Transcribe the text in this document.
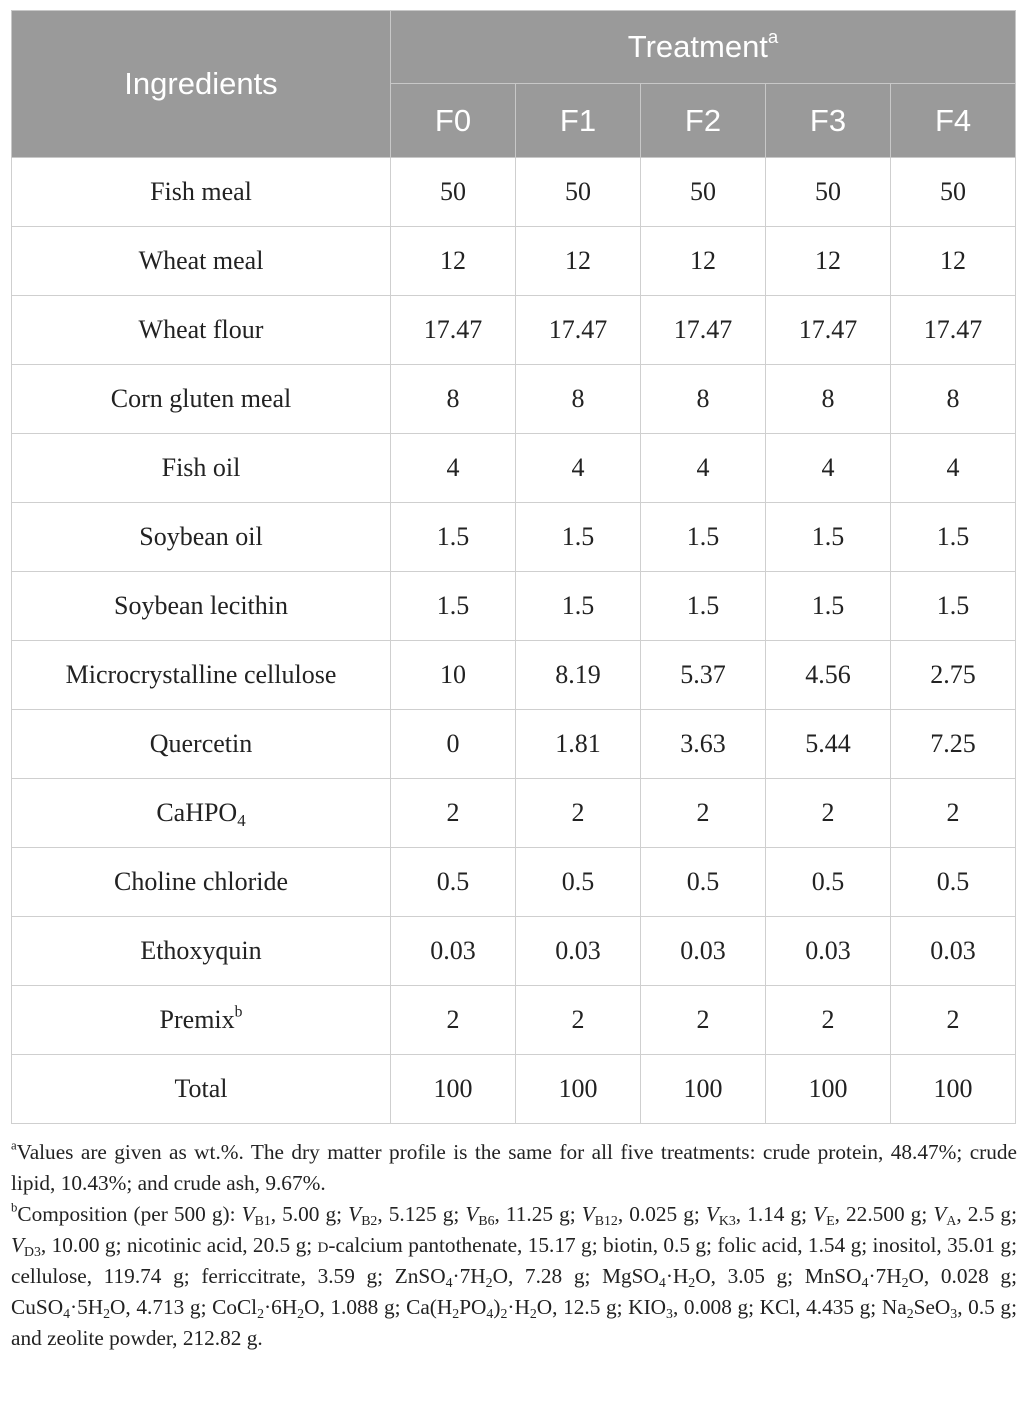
Ingredients	Treatment$^a$
	F0	F1	F2	F3	F4
Fish meal	50	50	50	50	50
Wheat meal	12	12	12	12	12
Wheat flour	17.47	17.47	17.47	17.47	17.47
Corn gluten meal	8	8	8	8	8
Fish oil	4	4	4	4	4
Soybean oil	1.5	1.5	1.5	1.5	1.5
Soybean lecithin	1.5	1.5	1.5	1.5	1.5
Microcrystalline cellulose	10	8.19	5.37	4.56	2.75
Quercetin	0	1.81	3.63	5.44	7.25
CaHPO$_4$	2	2	2	2	2
Choline chloride	0.5	0.5	0.5	0.5	0.5
Ethoxyquin	0.03	0.03	0.03	0.03	0.03
Premix$^b$	2	2	2	2	2
Total	100	100	100	100	100

$^a$Values are given as wt.%. The dry matter profile is the same for all five treatments: crude protein, 48.47%; crude lipid, 10.43%; and crude ash, 9.67%.

$^b$Composition (per 500 g): $V_{B1}$, 5.00 g; $V_{B2}$, 5.125 g; $V_{B6}$, 11.25 g; $V_{B12}$, 0.025 g; $V_{K3}$, 1.14 g; $V_E$, 22.500 g; $V_A$, 2.5 g; $V_{D3}$, 10.00 g; nicotinic acid, 20.5 g; d-calcium pantothenate, 15.17 g; biotin, 0.5 g; folic acid, 1.54 g; inositol, 35.01 g; cellulose, 119.74 g; ferriccitrate, 3.59 g; $ZnSO_4\cdot 7H_2O$, 7.28 g; $MgSO_4\cdot H_2O$, 3.05 g; $MnSO_4\cdot 7H_2O$, 0.028 g; $CuSO_4\cdot 5H_2O$, 4.713 g; $CoCl_2\cdot 6H_2O$, 1.088 g; $Ca(H_2PO_4)_2\cdot H_2O$, 12.5 g; $KIO_3$, 0.008 g; KCl, 4.435 g; $Na_2SeO_3$, 0.5 g; and zeolite powder, 212.82 g.
